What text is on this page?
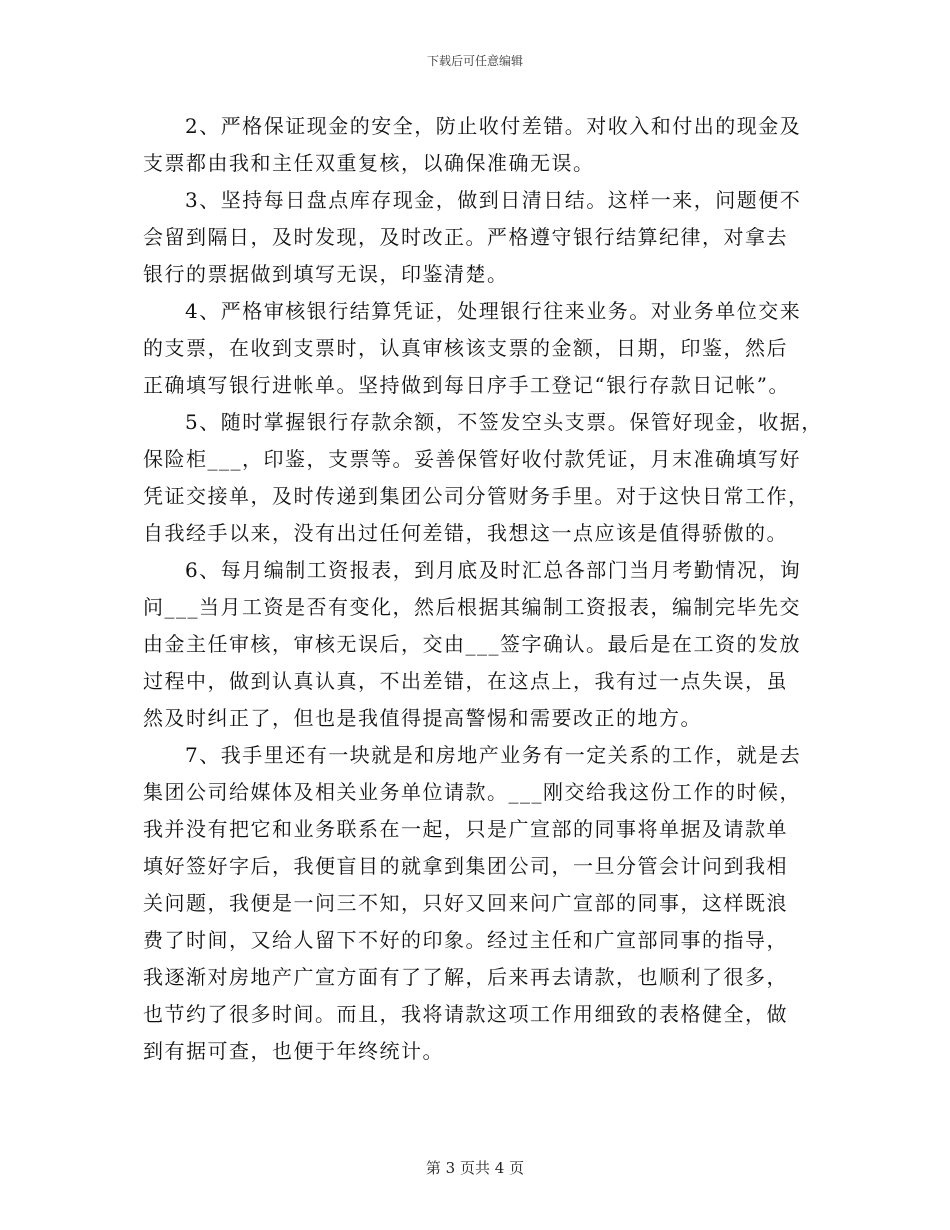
下载后可任意编辑
2、严格保证现金的安全，防止收付差错。对收入和付出的现金及
支票都由我和主任双重复核，以确保准确无误。
3、坚持每日盘点库存现金，做到日清日结。这样一来，问题便不
会留到隔日，及时发现，及时改正。严格遵守银行结算纪律，对拿去
银行的票据做到填写无误，印鉴清楚。
4、严格审核银行结算凭证，处理银行往来业务。对业务单位交来
的支票，在收到支票时，认真审核该支票的金额，日期，印鉴，然后
正确填写银行进帐单。坚持做到每日序手工登记“银行存款日记帐”。
5、随时掌握银行存款余额，不签发空头支票。保管好现金，收据，
保险柜___，印鉴，支票等。妥善保管好收付款凭证，月末准确填写好
凭证交接单，及时传递到集团公司分管财务手里。对于这快日常工作，
自我经手以来，没有出过任何差错，我想这一点应该是值得骄傲的。
6、每月编制工资报表，到月底及时汇总各部门当月考勤情况，询
问___当月工资是否有变化，然后根据其编制工资报表，编制完毕先交
由金主任审核，审核无误后，交由___签字确认。最后是在工资的发放
过程中，做到认真认真，不出差错，在这点上，我有过一点失误，虽
然及时纠正了，但也是我值得提高警惕和需要改正的地方。
7、我手里还有一块就是和房地产业务有一定关系的工作，就是去
集团公司给媒体及相关业务单位请款。___刚交给我这份工作的时候，
我并没有把它和业务联系在一起，只是广宣部的同事将单据及请款单
填好签好字后，我便盲目的就拿到集团公司，一旦分管会计问到我相
关问题，我便是一问三不知，只好又回来问广宣部的同事，这样既浪
费了时间，又给人留下不好的印象。经过主任和广宣部同事的指导，
我逐渐对房地产广宣方面有了了解，后来再去请款，也顺利了很多，
也节约了很多时间。而且，我将请款这项工作用细致的表格健全，做
到有据可查，也便于年终统计。
第 3 页共 4 页
